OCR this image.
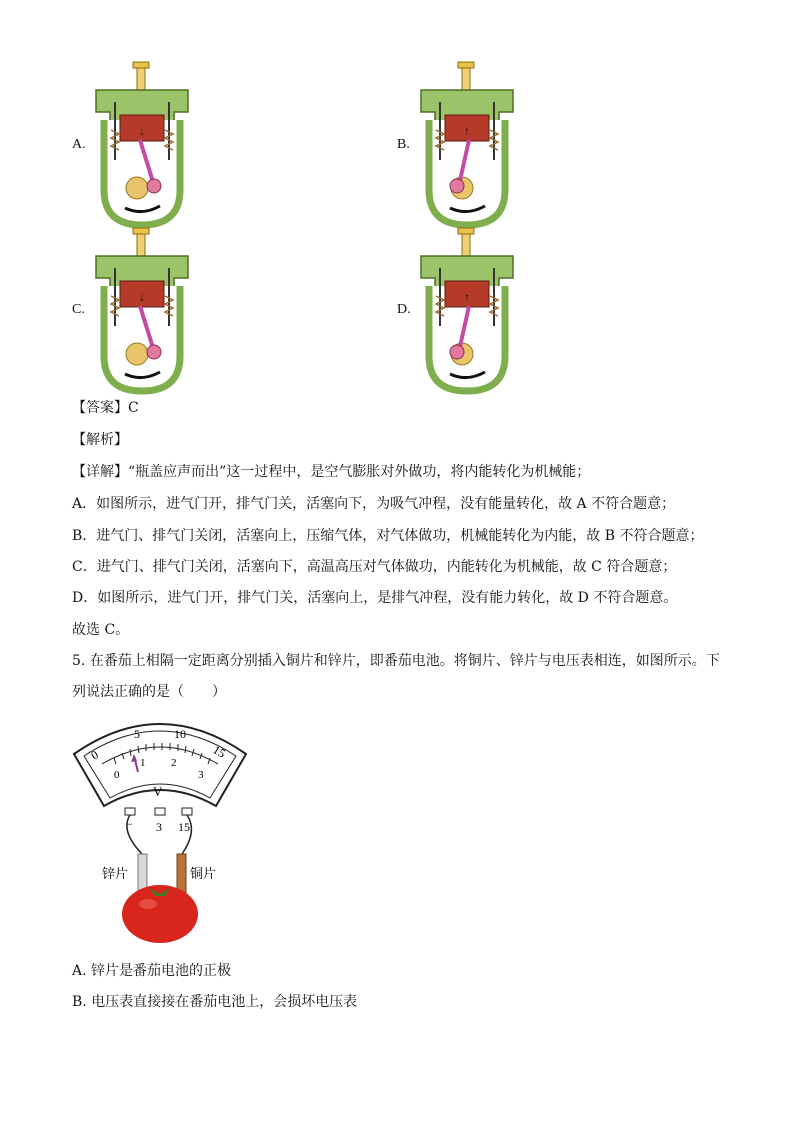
A.	B.
C.	D.
↓	↑
↓	↑
【答案】C
【解析】
【详解】“瓶盖应声而出”这一过程中，是空气膨胀对外做功，将内能转化为机械能；
A．如图所示，进气门开，排气门关，活塞向下，为吸气冲程，没有能量转化，故 A 不符合题意；
B．进气门、排气门关闭，活塞向上，压缩气体，对气体做功，机械能转化为内能，故 B 不符合题意；
C．进气门、排气门关闭，活塞向下，高温高压对气体做功，内能转化为机械能，故 C 符合题意；
D．如图所示，进气门开，排气门关，活塞向上，是排气冲程，没有能力转化，故 D 不符合题意。
故选 C。
5. 在番茄上相隔一定距离分别插入铜片和锌片，即番茄电池。将铜片、锌片与电压表相连，如图所示。下
列说法正确的是（　　）
0
5	10
15
0
1 2
3
V
− 3 15
锌片	铜片
A. 锌片是番茄电池的正极
B. 电压表直接接在番茄电池上，会损坏电压表
